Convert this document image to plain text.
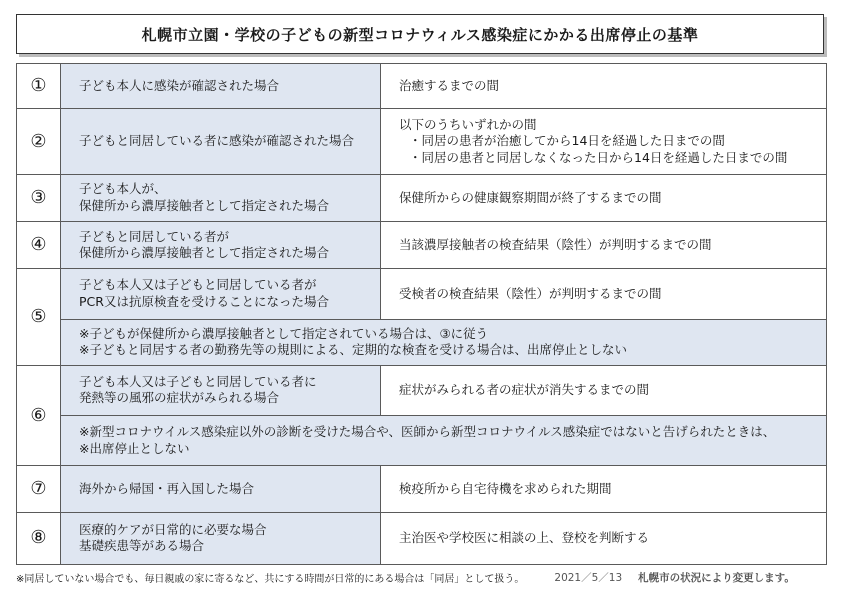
札幌市立園・学校の子どもの新型コロナウィルス感染症にかかる出席停止の基準
①	子ども本人に感染が確認された場合	治癒するまでの間

②	子どもと同居している者に感染が確認された場合	以下のうちいずれかの間
・同居の患者が治癒してから14日を経過した日までの間
・同居の患者と同居しなくなった日から14日を経過した日までの間

③	子ども本人が、
保健所から濃厚接触者として指定された場合	保健所からの健康観察期間が終了するまでの間

④	子どもと同居している者が
保健所から濃厚接触者として指定された場合	当該濃厚接触者の検査結果（陰性）が判明するまでの間

⑤	子ども本人又は子どもと同居している者が
PCR又は抗原検査を受けることになった場合	受検者の検査結果（陰性）が判明するまでの間

	※子どもが保健所から濃厚接触者として指定されている場合は、③に従う
※子どもと同居する者の勤務先等の規則による、定期的な検査を受ける場合は、出席停止としない	

⑥	子ども本人又は子どもと同居している者に
発熱等の風邪の症状がみられる場合	症状がみられる者の症状が消失するまでの間

	※新型コロナウイルス感染症以外の診断を受けた場合や、医師から新型コロナウイルス感染症ではないと告げられたときは、
※出席停止としない	

⑦	海外から帰国・再入国した場合	検疫所から自宅待機を求められた期間

⑧	医療的ケアが日常的に必要な場合
基礎疾患等がある場合	主治医や学校医に相談の上、登校を判断する
※同居していない場合でも、毎日親戚の家に寄るなど、共にする時間が日常的にある場合は「同居」として扱う。	2021／5／13 札幌市の状況により変更します。
